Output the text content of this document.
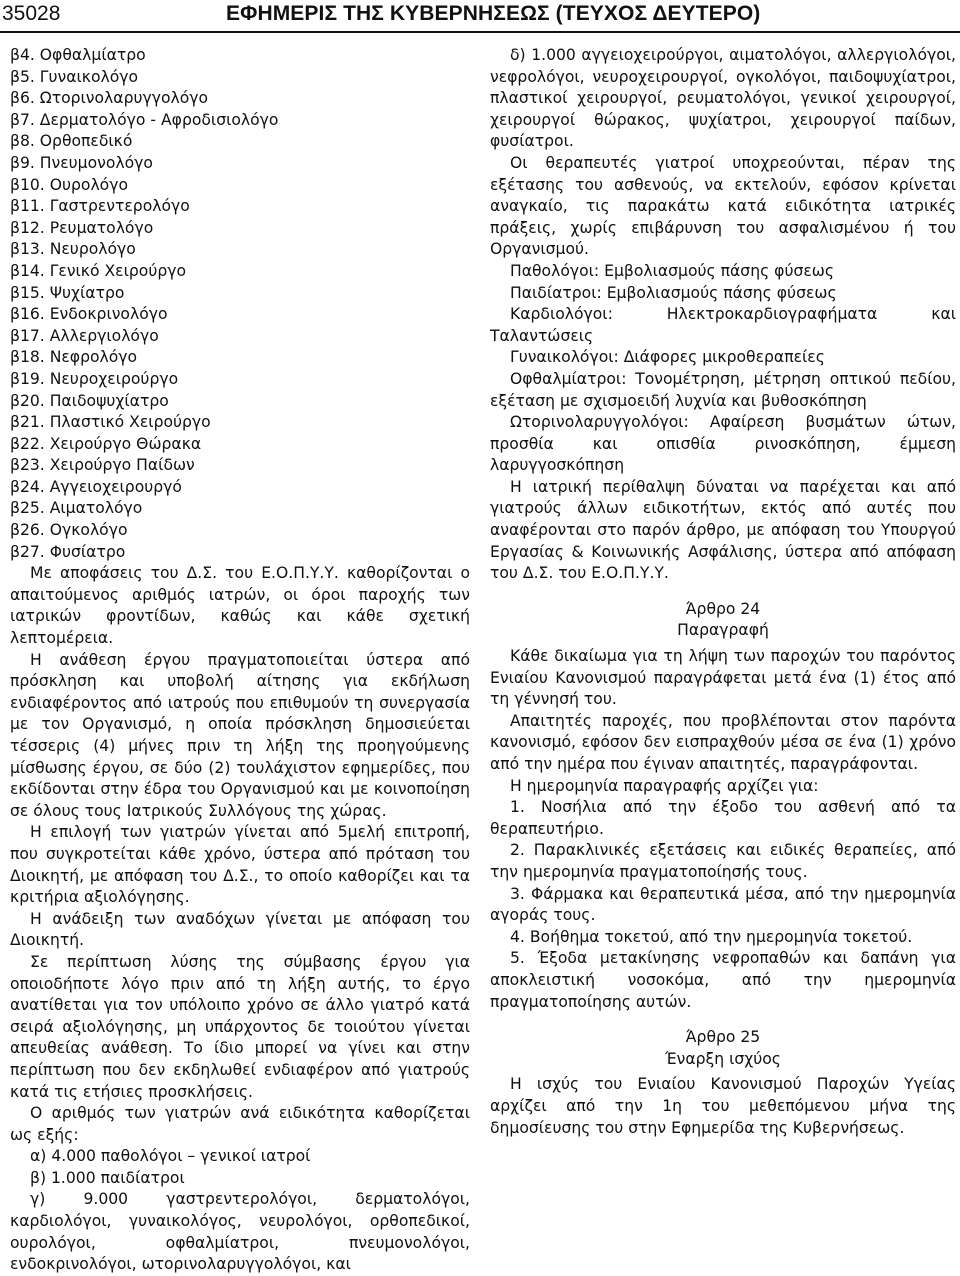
35028	ΕΦΗΜΕΡΙΣ ΤΗΣ ΚΥΒΕΡΝΗΣΕΩΣ (ΤΕΥΧΟΣ ΔΕΥΤΕΡΟ)

β4. Οφθαλμίατρο

β5. Γυναικολόγο

β6. Ωτορινολαρυγγολόγο

β7. Δερματολόγο - Αφροδισιολόγο

β8. Ορθοπεδικό

β9. Πνευμονολόγο

β10. Ουρολόγο

β11. Γαστρεντερολόγο

β12. Ρευματολόγο

β13. Νευρολόγο

β14. Γενικό Χειρούργο

β15. Ψυχίατρο

β16. Ενδοκρινολόγο

β17. Αλλεργιολόγο

β18. Νεφρολόγο

β19. Νευροχειρούργο

β20. Παιδοψυχίατρο

β21. Πλαστικό Χειρούργο

β22. Χειρούργο Θώρακα

β23. Χειρούργο Παίδων

β24. Αγγειοχειρουργό

β25. Αιματολόγο

β26. Ογκολόγο

β27. Φυσίατρο

Με αποφάσεις του Δ.Σ. του Ε.Ο.Π.Υ.Υ. καθορίζονται ο απαιτούμενος αριθμός ιατρών, οι όροι παροχής των ιατρικών φροντίδων, καθώς και κάθε σχετική λεπτομέρεια.

Η ανάθεση έργου πραγματοποιείται ύστερα από πρόσκληση και υποβολή αίτησης για εκδήλωση ενδιαφέροντος από ιατρούς που επιθυμούν τη συνεργασία με τον Οργανισμό, η οποία πρόσκληση δημοσιεύεται τέσσερις (4) μήνες πριν τη λήξη της προηγούμενης μίσθωσης έργου, σε δύο (2) τουλάχιστον εφημερίδες, που εκδίδονται στην έδρα του Οργανισμού και με κοινοποίηση σε όλους τους Ιατρικούς Συλλόγους της χώρας.

Η επιλογή των γιατρών γίνεται από 5μελή επιτροπή, που συγκροτείται κάθε χρόνο, ύστερα από πρόταση του Διοικητή, με απόφαση του Δ.Σ., το οποίο καθορίζει και τα κριτήρια αξιολόγησης.

Η ανάδειξη των αναδόχων γίνεται με απόφαση του Διοικητή.

Σε περίπτωση λύσης της σύμβασης έργου για οποιοδήποτε λόγο πριν από τη λήξη αυτής, το έργο ανατίθεται για τον υπόλοιπο χρόνο σε άλλο γιατρό κατά σειρά αξιολόγησης, μη υπάρχοντος δε τοιούτου γίνεται απευθείας ανάθεση. Το ίδιο μπορεί να γίνει και στην περίπτωση που δεν εκδηλωθεί ενδιαφέρον από γιατρούς κατά τις ετήσιες προσκλήσεις.

Ο αριθμός των γιατρών ανά ειδικότητα καθορίζεται ως εξής:

α) 4.000 παθολόγοι – γενικοί ιατροί

β) 1.000 παιδίατροι

γ) 9.000 γαστρεντερολόγοι, δερματολόγοι, καρδιολόγοι, γυναικολόγος, νευρολόγοι, ορθοπεδικοί, ουρολόγοι, οφθαλμίατροι, πνευμονολόγοι, ενδοκρινολόγοι, ωτορινολαρυγγολόγοι, και

δ) 1.000 αγγειοχειρούργοι, αιματολόγοι, αλλεργιολόγοι, νεφρολόγοι, νευροχειρουργοί, ογκολόγοι, παιδοψυχίατροι, πλαστικοί χειρουργοί, ρευματολόγοι, γενικοί χειρουργοί, χειρουργοί θώρακος, ψυχίατροι, χειρουργοί παίδων, φυσίατροι.

Οι θεραπευτές γιατροί υποχρεούνται, πέραν της εξέτασης του ασθενούς, να εκτελούν, εφόσον κρίνεται αναγκαίο, τις παρακάτω κατά ειδικότητα ιατρικές πράξεις, χωρίς επιβάρυνση του ασφαλισμένου ή του Οργανισμού.

Παθολόγοι: Εμβολιασμούς πάσης φύσεως

Παιδίατροι: Εμβολιασμούς πάσης φύσεως

Καρδιολόγοι: Ηλεκτροκαρδιογραφήματα και Ταλαντώσεις

Γυναικολόγοι: Διάφορες μικροθεραπείες

Οφθαλμίατροι: Τονομέτρηση, μέτρηση οπτικού πεδίου, εξέταση με σχισμοειδή λυχνία και βυθοσκόπηση

Ωτορινολαρυγγολόγοι: Αφαίρεση βυσμάτων ώτων, προσθία και οπισθία ρινοσκόπηση, έμμεση λαρυγγοσκόπηση

Η ιατρική περίθαλψη δύναται να παρέχεται και από γιατρούς άλλων ειδικοτήτων, εκτός από αυτές που αναφέρονται στο παρόν άρθρο, με απόφαση του Υπουργού Εργασίας & Κοινωνικής Ασφάλισης, ύστερα από απόφαση του Δ.Σ. του Ε.Ο.Π.Υ.Υ.

Άρθρο 24

Παραγραφή

Κάθε δικαίωμα για τη λήψη των παροχών του παρόντος Ενιαίου Κανονισμού παραγράφεται μετά ένα (1) έτος από τη γέννησή του.

Απαιτητές παροχές, που προβλέπονται στον παρόντα κανονισμό, εφόσον δεν εισπραχθούν μέσα σε ένα (1) χρόνο από την ημέρα που έγιναν απαιτητές, παραγράφονται.

Η ημερομηνία παραγραφής αρχίζει για:

1. Νοσήλια από την έξοδο του ασθενή από τα θεραπευτήριο.

2. Παρακλινικές εξετάσεις και ειδικές θεραπείες, από την ημερομηνία πραγματοποίησής τους.

3. Φάρμακα και θεραπευτικά μέσα, από την ημερομηνία αγοράς τους.

4. Βοήθημα τοκετού, από την ημερομηνία τοκετού.

5. Έξοδα μετακίνησης νεφροπαθών και δαπάνη για αποκλειστική νοσοκόμα, από την ημερομηνία πραγματοποίησης αυτών.

Άρθρο 25

Έναρξη ισχύος

Η ισχύς του Ενιαίου Κανονισμού Παροχών Υγείας αρχίζει από την 1η του μεθεπόμενου μήνα της δημοσίευσης του στην Εφημερίδα της Κυβερνήσεως.
